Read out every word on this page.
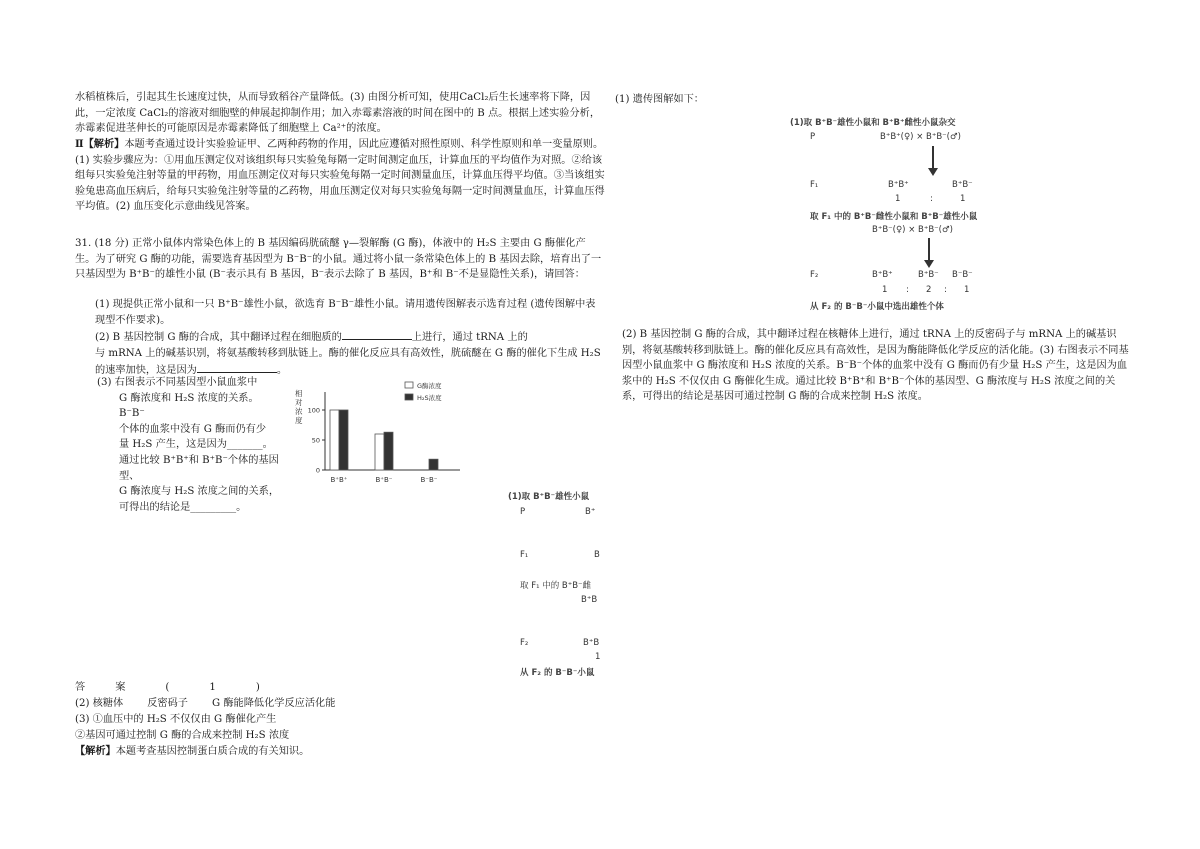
水稻植株后，引起其生长速度过快，从而导致稻谷产量降低。(3) 由图分析可知，使用CaCl₂后生长速率将下降，因此，一定浓度 CaCl₂的溶液对细胞壁的伸展起抑制作用；加入赤霉素溶液的时间在图中的 B 点。根据上述实验分析，赤霉素促进茎伸长的可能原因是赤霉素降低了细胞壁上 Ca²⁺的浓度。

Ⅱ【解析】本题考查通过设计实验验证甲、乙两种药物的作用，因此应遵循对照性原则、科学性原则和单一变量原则。(1) 实验步骤应为：①用血压测定仪对该组织每只实验兔每隔一定时间测定血压，计算血压的平均值作为对照。②给该组每只实验兔注射等量的甲药物，用血压测定仪对每只实验兔每隔一定时间测量血压，计算血压得平均值。③当该组实验兔患高血压病后，给每只实验兔注射等量的乙药物，用血压测定仪对每只实验兔每隔一定时间测量血压，计算血压得平均值。(2) 血压变化示意曲线见答案。

31. (18 分) 正常小鼠体内常染色体上的 B 基因编码胱硫醚 γ—裂解酶 (G 酶)，体液中的 H₂S 主要由 G 酶催化产生。为了研究 G 酶的功能，需要选育基因型为 B⁻B⁻的小鼠。通过将小鼠一条常染色体上的 B 基因去除，培育出了一只基因型为 B⁺B⁻的雄性小鼠 (B⁻表示具有 B 基因，B⁻表示去除了 B 基因，B⁺和 B⁻不是显隐性关系)，请回答：

(1) 现提供正常小鼠和一只 B⁺B⁻雄性小鼠，欲选育 B⁻B⁻雄性小鼠。请用遗传图解表示选育过程 (遗传图解中表现型不作要求)。

(2) B 基因控制 G 酶的合成，其中翻译过程在细胞质的	上进行，通过 tRNA 上的
与 mRNA 上的碱基识别，将氨基酸转移到肽链上。酶的催化反应具有高效性，胱硫醚在 G 酶的催化下生成 H₂S 的速率加快，这是因为	。

(3) 右图表示不同基因型小鼠血浆中
G 酶浓度和 H₂S 浓度的关系。B⁻B⁻
个体的血浆中没有 G 酶而仍有少
量 H₂S 产生，这是因为_______。
通过比较 B⁺B⁺和 B⁺B⁻个体的基因型、
G 酶浓度与 H₂S 浓度之间的关系，
可得出的结论是_________。
0
50
100
G酶浓度
H₂S浓度
B⁺B⁺	B⁺B⁻	B⁻B⁻
相
对
浓
度
(1)取 B⁺B⁻雄性小鼠
P	B⁺
F₁	B
取 F₁ 中的 B⁺B⁻雌
B⁺B
F₂	B⁺B
1
从 F₂ 的 B⁻B⁻小鼠
答	案	(	1	)
(2) 核糖体 反密码子 G 酶能降低化学反应活化能
(3) ①血压中的 H₂S 不仅仅由 G 酶催化产生
②基因可通过控制 G 酶的合成来控制 H₂S 浓度
【解析】本题考查基因控制蛋白质合成的有关知识。

(1) 遗传图解如下：

(1)取 B⁺B⁻雄性小鼠和 B⁺B⁺雌性小鼠杂交
P	B⁺B⁺(♀) × B⁺B⁻(♂)
F₁	B⁺B⁺	B⁺B⁻
1	:	1
取 F₁ 中的 B⁺B⁻雌性小鼠和 B⁺B⁻雄性小鼠
B⁺B⁻(♀) × B⁺B⁻(♂)
F₂	B⁺B⁺	B⁺B⁻ B⁻B⁻
1 : 2 : 1
从 F₂ 的 B⁻B⁻小鼠中选出雄性个体

(2) B 基因控制 G 酶的合成，其中翻译过程在核糖体上进行，通过 tRNA 上的反密码子与 mRNA 上的碱基识别，将氨基酸转移到肽链上。酶的催化反应具有高效性，是因为酶能降低化学反应的活化能。(3) 右图表示不同基因型小鼠血浆中 G 酶浓度和 H₂S 浓度的关系。B⁻B⁻个体的血浆中没有 G 酶而仍有少量 H₂S 产生，这是因为血浆中的 H₂S 不仅仅由 G 酶催化生成。通过比较 B⁺B⁺和 B⁺B⁻个体的基因型、G 酶浓度与 H₂S 浓度之间的关系，可得出的结论是基因可通过控制 G 酶的合成来控制 H₂S 浓度。
